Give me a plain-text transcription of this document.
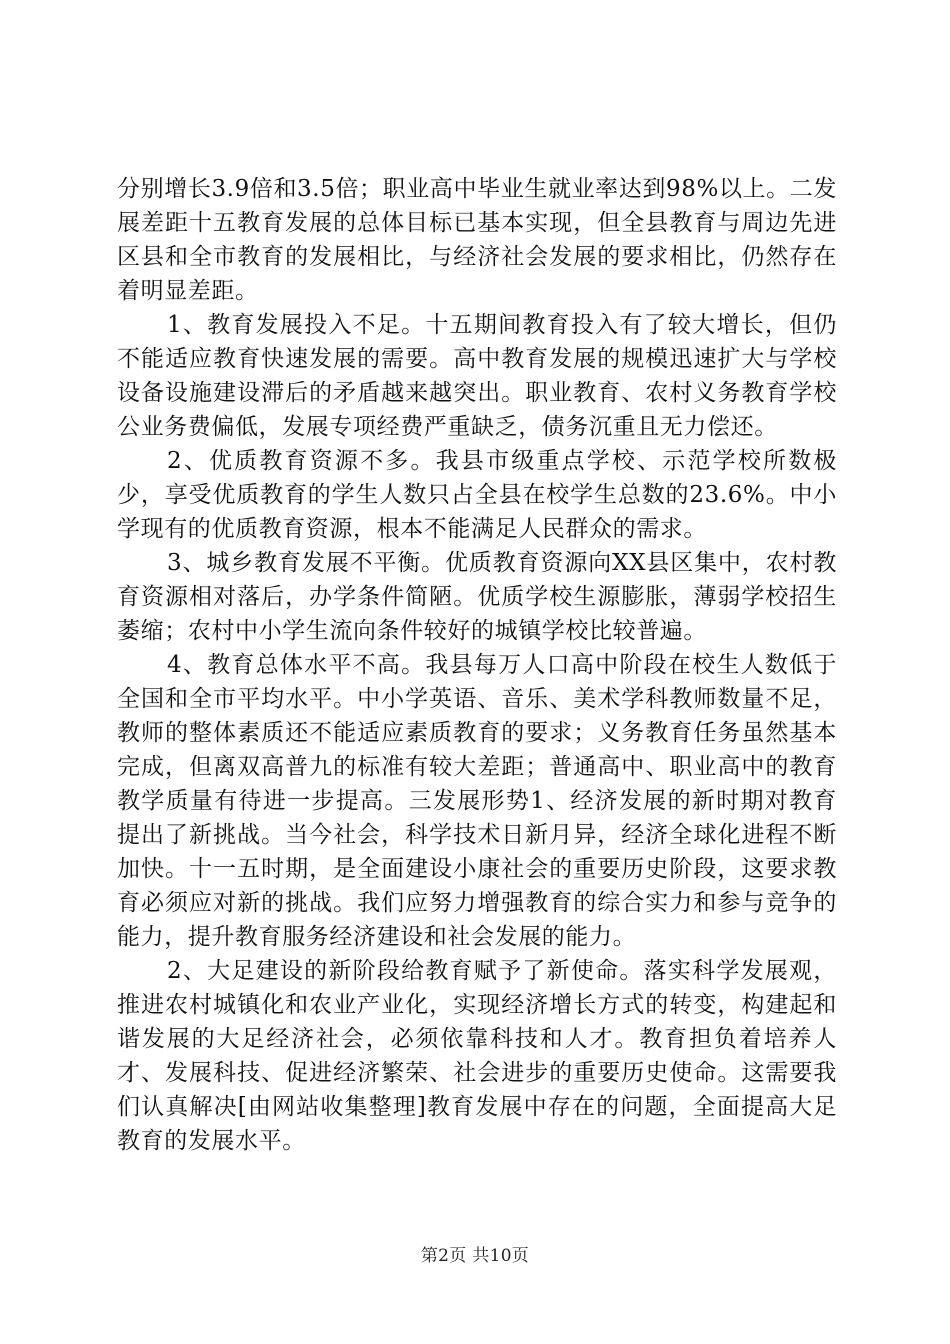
分别增长3.9倍和3.5倍；职业高中毕业生就业率达到98%以上。二发展差距十五教育发展的总体目标已基本实现，但全县教育与周边先进区县和全市教育的发展相比，与经济社会发展的要求相比，仍然存在着明显差距。

1、教育发展投入不足。十五期间教育投入有了较大增长，但仍不能适应教育快速发展的需要。高中教育发展的规模迅速扩大与学校设备设施建设滞后的矛盾越来越突出。职业教育、农村义务教育学校公业务费偏低，发展专项经费严重缺乏，债务沉重且无力偿还。

2、优质教育资源不多。我县市级重点学校、示范学校所数极少，享受优质教育的学生人数只占全县在校学生总数的23.6%。中小学现有的优质教育资源，根本不能满足人民群众的需求。

3、城乡教育发展不平衡。优质教育资源向XX县区集中，农村教育资源相对落后，办学条件简陋。优质学校生源膨胀，薄弱学校招生萎缩；农村中小学生流向条件较好的城镇学校比较普遍。

4、教育总体水平不高。我县每万人口高中阶段在校生人数低于全国和全市平均水平。中小学英语、音乐、美术学科教师数量不足，教师的整体素质还不能适应素质教育的要求；义务教育任务虽然基本完成，但离双高普九的标准有较大差距；普通高中、职业高中的教育教学质量有待进一步提高。三发展形势1、经济发展的新时期对教育提出了新挑战。当今社会，科学技术日新月异，经济全球化进程不断加快。十一五时期，是全面建设小康社会的重要历史阶段，这要求教育必须应对新的挑战。我们应努力增强教育的综合实力和参与竞争的能力，提升教育服务经济建设和社会发展的能力。

2、大足建设的新阶段给教育赋予了新使命。落实科学发展观，推进农村城镇化和农业产业化，实现经济增长方式的转变，构建起和谐发展的大足经济社会，必须依靠科技和人才。教育担负着培养人才、发展科技、促进经济繁荣、社会进步的重要历史使命。这需要我们认真解决[由网站收集整理]教育发展中存在的问题，全面提高大足教育的发展水平。

第2页 共10页
